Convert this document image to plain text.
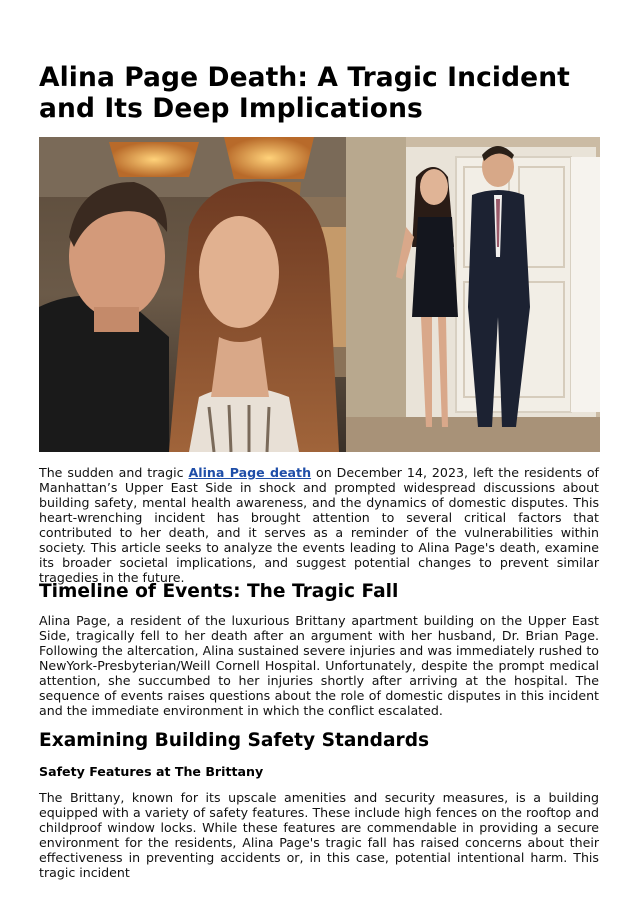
Alina Page Death: A Tragic Incident and Its Deep Implications

The sudden and tragic Alina Page death on December 14, 2023, left the residents of Manhattan’s Upper East Side in shock and prompted widespread discussions about building safety, mental health awareness, and the dynamics of domestic disputes. This heart-wrenching incident has brought attention to several critical factors that contributed to her death, and it serves as a reminder of the vulnerabilities within society. This article seeks to analyze the events leading to Alina Page's death, examine its broader societal implications, and suggest potential changes to prevent similar tragedies in the future.

Timeline of Events: The Tragic Fall

Alina Page, a resident of the luxurious Brittany apartment building on the Upper East Side, tragically fell to her death after an argument with her husband, Dr. Brian Page. Following the altercation, Alina sustained severe injuries and was immediately rushed to NewYork-Presbyterian/Weill Cornell Hospital. Unfortunately, despite the prompt medical attention, she succumbed to her injuries shortly after arriving at the hospital. The sequence of events raises questions about the role of domestic disputes in this incident and the immediate environment in which the conflict escalated.

Examining Building Safety Standards
Safety Features at The Brittany

The Brittany, known for its upscale amenities and security measures, is a building equipped with a variety of safety features. These include high fences on the rooftop and childproof window locks. While these features are commendable in providing a secure environment for the residents, Alina Page's tragic fall has raised concerns about their effectiveness in preventing accidents or, in this case, potential intentional harm. This tragic incident
